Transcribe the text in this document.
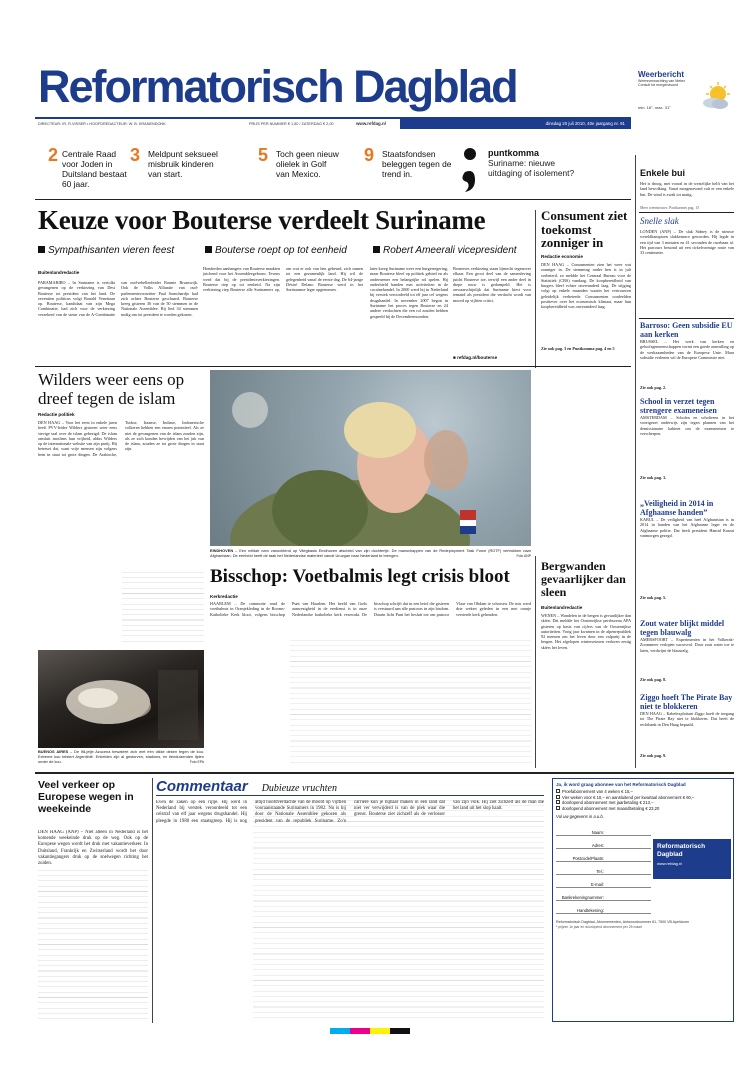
Reformatorisch Dagblad	Weerbericht
Weersverwachting van Meteo Consult tot morgenavond
min. 16°, max. 31°
DIRECTEUR: IR. R.VISSER • HOOFDREDACTEUR: W. B. KRANENDONK	PRIJS PER NUMMER € 1,50 / ZATERDAG € 2,00	www.refdag.nl	dinsdag 20 juli 2010, 40e jaargang nr. 91
2 Centrale Raad voor Joden in Duitsland bestaat 60 jaar.
3 Meldpunt seksueel misbruik kinderen van start.
5 Toch geen nieuw olielek in Golf van Mexico.
9 Staatsfondsen beleggen tegen de trend in.
puntkomma
Suriname: nieuwe uitdaging of isolement?
Keuze voor Bouterse verdeelt Suriname
Sympathisanten vieren feest	Bouterse roept op tot eenheid	Robert Ameerali vicepresident
Buitenlandredactie
PARAMARIBO – In Suriname is vertolkt gevangenen op de verkiezing van Desi Bouterse tot president van het land. De zeventien politicus volgt Ronald Venetiaan op. Bouterse, kandidaat van zijn Mega Combinatie, had zich voor de verkiezing verzekerd van de steun van de A-Combinatie van oud-rebellenleider Ronnie Brunswijk. Ook de Volks Alliantie van oud-parlementsvoorzitter Paul Somohardjo had zich achter Bouterse geschaard. Bouterse kreeg gisteren 36 van de 50 stemmen in de Nationale Assemblee. Bij lied 34 stemmen nodig om tot president te worden gekozen.
Honderden aanhangers van Bouterse maakten juichend voor het Assembleegebouw. Tevens werd dat bij de presidentsverkiezingen. Bouterse riep op tot eenheid. Na zijn verkiezing riep Bouterse alle Surinamers op, om wat er ook van hen gebeurd, zich samen tot een gezamenlijk land. Hij wil de gelegenheid vanaf de eerste dag. De 64-jarige Désiré Delano Bouterse werd in het Surinaamse leger opgenomen.
later kreeg Suriname weer een burgerregering, maar Bouterse bleef op politiek gebied en als ondernemer een belangrijke rol spelen. Hij onderhield banden met activiteiten in de cocaïnehandel. In 2000 werd hij in Nederland bij verstek veroordeeld tot elf jaar cel wegens drugshandel. In november 2007 begon in Suriname het proces tegen Bouterse en 24 andere verdachten die een rol zouden hebben gespeeld bij de Decembermoorden.
Bouterses verkiezing staan lijnrecht tegenover elkaar. Een groot deel van de samenleving juicht Bouterse toe, terwijl een ander deel in diepe rouw is gedompeld. Het is onwaarschijnlijk dat Suriname kiest voor iemand als president die verdacht wordt van moord op vijftien critici.
■ refdag.nl/bouterse
Consument ziet toekomst zonniger in
Redactie economie
DEN HAAG – Consumenten zien het weer wat zonniger in. De stemming onder hen is in juli verbeterd, zo meldde het Centraal Bureau voor de Statistiek (CBS) vandaag. De koopbereidheid van burgers bleef echter onveranderd laag. De stijging volgt op enkele maanden waarin het vertrouwen geleidelijk verbeterde. Consumenten oordeelden positiever over het economisch klimaat, maar hun koopbereidheid was onveranderd laag.
Zie ook pag. 3 en Puntkomma pag. 4 en 5
Wilders weer eens op dreef tegen de islam
Redactie politiek
DEN HAAG – Voor het eerst in enkele jaren heeft PVV-leider Wilders gisteren weer eens stevige taal over de islam gebezigd. De islam omsluit moslims hun vrijheid, aldus Wilders op de internationale website van zijn partij. Hij betreurt dat, want vrije mensen zijn volgens hem in staat tot grote dingen. De Arabische, Turkse, Iraanse, Indiase, Indonesische volkeren hebben een enorm potentieel. Als ze niet de gevangenen van de islam zouden zijn, als ze zich konden bevrijden van het juk van de islam, zouden ze tot grote dingen in staat zijn.
BUENOS AIRES – De Ifã-jetje Azucena bewaterrt zich met een dikke deken tegen de kou. Extreme kou teistert Argentinië. Enkelden zijn al gestorven, stadions, en tienduizenden lijden onder de kou.	Foto EPA
EINDHOVEN – Een militair nam vanochtend op Vliegbasis Eindhoven afscheid van zijn dochtertje. De manschappen van de Redeployment Task Force (RDTF) vertrokken naar Afghanistan. De eenheid heeft de taak het Nederlandse materieel vanuit Uruzgan naar Nederland te brengen.	Foto ANP
Bisschop: Voetbalmis legt crisis bloot
Kerkredactie
HAARLEM – De commotie rond de voetbalmis in Oranjekleding in de Rooms-Katholieke Kerk bloot, volgens bisschop Punt van Haarlem. Het beeld van Gods aanwezigheid in de eredienst is in onze Nederlandse katholieke kerk verzwakt. De bisschop schrijft dat in een brief die gisteren is verstuurd aan alle pastoors in zijn bisdom. Daarin licht Punt het besluit toe om pastoor Vlaar van Obdam te schorsen. De mis werd drie weken geleden in een met oranje versierde kerk gehouden.
Bergwanden gevaarlijker dan sleen
Buitenlandredactie
WENEN – Wandelen in de bergen is gevaarlijker dan skiën. Dat meldde het Oostenrijkse persbureau APA gisteren op basis van cijfers van de Oostenrijkse autoriteiten. Vorig jaar kwamen in de alpenrepubliek 92 mensen om het leven door een valpartij in de bergen. Het afgelopen winterseizoen verloren zestig skiërs het leven.
Enkele bui
Het is droog, met vooral in de westelijke helft van het land bewolking. Vanaf morgenavond valt er een enkele bui. De wind is zwak tot matig.
Meer weernieuws: Pontkarmes pag. 15
Snelle slak
LONDEN (ANP) – De slak Sidney is de nieuwe wereldkampioen slakkenrace geworden. Hij legde in een tijd van 3 minuten en 41 seconden de racebaan af. Het parcours bestond uit een cirkelvormige route van 33 centimeter.
Barroso: Geen subsidie EU aan kerken
BRUSSEL – Het werk van kerken en geloofsgemeenschappen vormt een goede aanvulling op de werkzaamheden van de Europese Unie. Maar subsidie verlenen wil de Europese Commissie niet.
Zie ook pag. 2.
School in verzet tegen strengere exameneisen
AMSTERDAM – Scholen en scholieren in het voortgezet onderwijs zijn tegen plannen van het demissionaire kabinet om de exameneisen te verscherpen.
Zie ook pag. 3.
„Veiligheid in 2014 in Afghaanse handen”
KABUL – De veiligheid van heel Afghanistan is in 2014 in handen van het Afghaanse leger en de Afghaanse politie. Dat heeft president Hamid Karzai vanmorgen gezegd.
Zie ook pag. 5.
Zout water blijkt middel tegen blauwalg
AMERSFOORT – Experimenten in het Volkerak-Zoommeer verlopen succesvol. Door zout water toe te laten, verdwijnt de blauwalg.
Zie ook pag. 8.
Ziggo hoeft The Pirate Bay niet te blokkeren
DEN HAAG – Kabelexploitant Ziggo hoeft de toegang tot The Pirate Bay niet te blokkeren. Dat heeft de rechtbank in Den Haag bepaald.
Zie ook pag. 9.
Veel verkeer op Europese wegen in weekeinde
DEN HAAG (ANP) – Niet alleen in Nederland is het komende weekeinde druk op de weg. Ook op de Europese wegen wordt het druk met vakantieverkeer. In Duitsland, Frankrijk en Zwitserland wordt het door vakantiegangers druk op de snelwegen richting het zuiden.
Commentaar Dubieuze vruchten
Even de zaken op een rijtje. Hij werd in Nederland bij verstek veroordeeld tot een celstraf van elf jaar wegens drugshandel. Hij pleegde in 1980 een staatsgreep. Hij is nog altijd hoofdverdachte van de moord op vijftien vooraanstaande Surinamers in 1982. Nu is hij door de Nationale Assemblee gekozen als president van de republiek Suriname. Zo'n carrière kun je bijbaar maken in een land dat niet ver verwijderd is van de plek waar die grenst. Bouterse ziet zichzelf als de verlosser van zijn volk. Hij ziet zichzelf als de man die het land uit het slop haalt.
Ja, ik word graag abonnee van het Reformatorisch Dagblad
Proefabonnement van 4 weken € 15,–
Vier weken voor € 10,– en aansluitend per kwartaal abonnement € 60,–
doorlopend abonnement met jaarbetaling € 213,–
doorlopend abonnement met maandbetaling € 23,20
Vul uw gegevens in a.u.b.
Naam:
Adres:
Postcode/Plaats:
Tel.:
E-mail:
Bankrekeningnummer:
Handtekening:
Reformatorisch Dagblad
www.refdag.nl
Reformatorisch Dagblad, Abonnementen, Antwoordnummer 81, 7500 VB Apeldoorn
* prijzen 1e jaar en doorlopend abonnement per 25 maart
